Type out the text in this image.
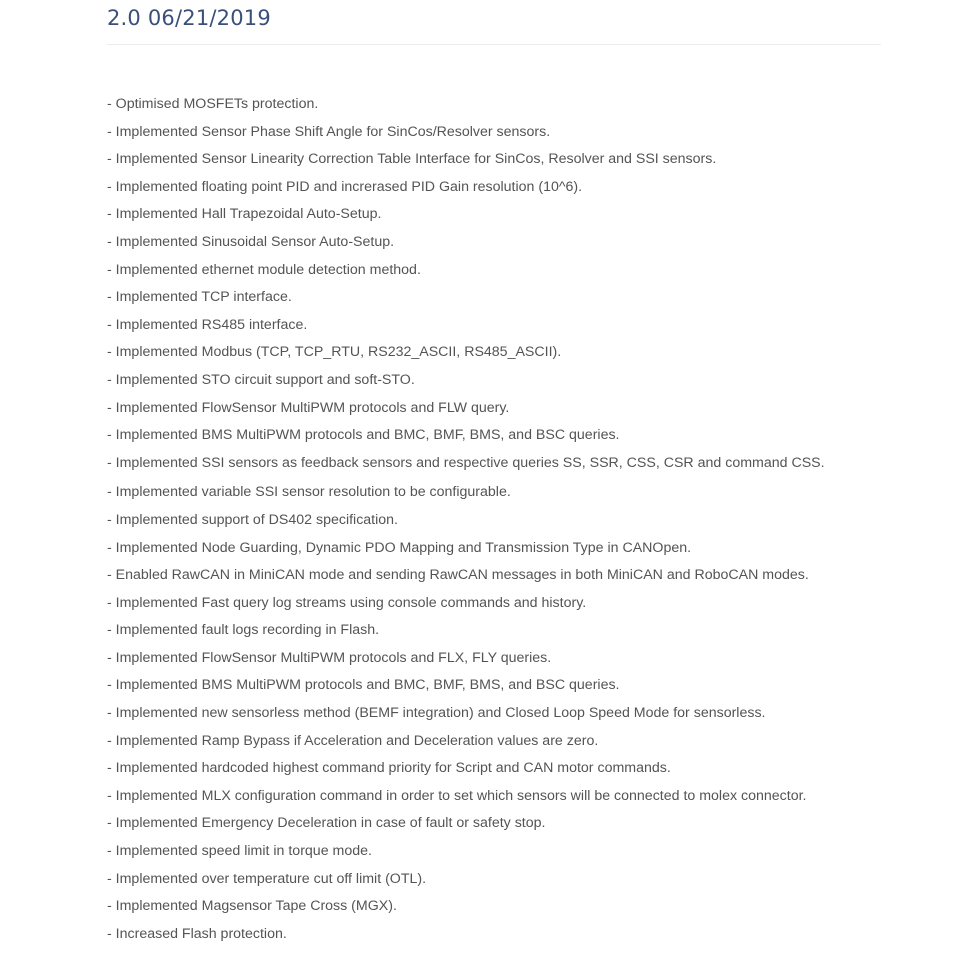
2.0 06/21/2019
- Optimised MOSFETs protection.
- Implemented Sensor Phase Shift Angle for SinCos/Resolver sensors.
- Implemented Sensor Linearity Correction Table Interface for SinCos, Resolver and SSI sensors.
- Implemented floating point PID and increrased PID Gain resolution (10^6).
- Implemented Hall Trapezoidal Auto-Setup.
- Implemented Sinusoidal Sensor Auto-Setup.
- Implemented ethernet module detection method.
- Implemented TCP interface.
- Implemented RS485 interface.
- Implemented Modbus (TCP, TCP_RTU, RS232_ASCII, RS485_ASCII).
- Implemented STO circuit support and soft-STO.
- Implemented FlowSensor MultiPWM protocols and FLW query.
- Implemented BMS MultiPWM protocols and BMC, BMF, BMS, and BSC queries.
- Implemented SSI sensors as feedback sensors and respective queries SS, SSR, CSS, CSR and command CSS.
- Implemented variable SSI sensor resolution to be configurable.
- Implemented support of DS402 specification.
- Implemented Node Guarding, Dynamic PDO Mapping and Transmission Type in CANOpen.
- Enabled RawCAN in MiniCAN mode and sending RawCAN messages in both MiniCAN and RoboCAN modes.
- Implemented Fast query log streams using console commands and history.
- Implemented fault logs recording in Flash.
- Implemented FlowSensor MultiPWM protocols and FLX, FLY queries.
- Implemented BMS MultiPWM protocols and BMC, BMF, BMS, and BSC queries.
- Implemented new sensorless method (BEMF integration) and Closed Loop Speed Mode for sensorless.
- Implemented Ramp Bypass if Acceleration and Deceleration values are zero.
- Implemented hardcoded highest command priority for Script and CAN motor commands.
- Implemented MLX configuration command in order to set which sensors will be connected to molex connector.
- Implemented Emergency Deceleration in case of fault or safety stop.
- Implemented speed limit in torque mode.
- Implemented over temperature cut off limit (OTL).
- Implemented Magsensor Tape Cross (MGX).
- Increased Flash protection.
